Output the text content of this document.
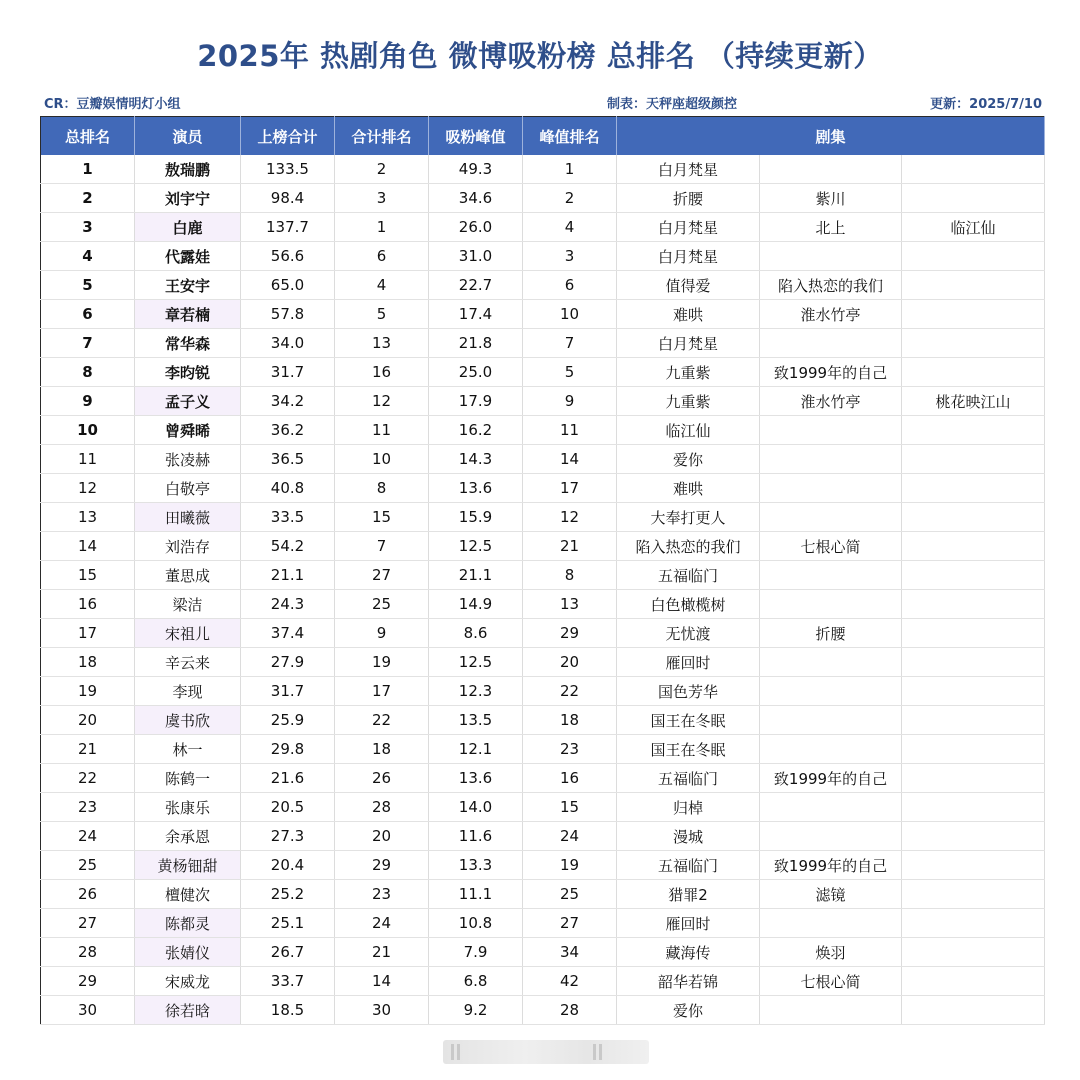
2025年 热剧角色 微博吸粉榜 总排名 （持续更新）
CR：豆瓣娱情明灯小组	制表：天秤座超级颜控	更新：2025/7/10
总排名	演员	上榜合计	合计排名	吸粉峰值	峰值排名	剧集		
1	敖瑞鹏	133.5	2	49.3	1	白月梵星		
2	刘宇宁	98.4	3	34.6	2	折腰	紫川	
3	白鹿	137.7	1	26.0	4	白月梵星	北上	临江仙
4	代露娃	56.6	6	31.0	3	白月梵星		
5	王安宇	65.0	4	22.7	6	值得爱	陷入热恋的我们	
6	章若楠	57.8	5	17.4	10	难哄	淮水竹亭	
7	常华森	34.0	13	21.8	7	白月梵星		
8	李昀锐	31.7	16	25.0	5	九重紫	致1999年的自己	
9	孟子义	34.2	12	17.9	9	九重紫	淮水竹亭	桃花映江山
10	曾舜晞	36.2	11	16.2	11	临江仙		
11	张凌赫	36.5	10	14.3	14	爱你		
12	白敬亭	40.8	8	13.6	17	难哄		
13	田曦薇	33.5	15	15.9	12	大奉打更人		
14	刘浩存	54.2	7	12.5	21	陷入热恋的我们	七根心简	
15	董思成	21.1	27	21.1	8	五福临门		
16	梁洁	24.3	25	14.9	13	白色橄榄树		
17	宋祖儿	37.4	9	8.6	29	无忧渡	折腰	
18	辛云来	27.9	19	12.5	20	雁回时		
19	李现	31.7	17	12.3	22	国色芳华		
20	虞书欣	25.9	22	13.5	18	国王在冬眠		
21	林一	29.8	18	12.1	23	国王在冬眠		
22	陈鹤一	21.6	26	13.6	16	五福临门	致1999年的自己	
23	张康乐	20.5	28	14.0	15	归棹		
24	余承恩	27.3	20	11.6	24	漫城		
25	黄杨钿甜	20.4	29	13.3	19	五福临门	致1999年的自己	
26	檀健次	25.2	23	11.1	25	猎罪2	滤镜	
27	陈都灵	25.1	24	10.8	27	雁回时		
28	张婧仪	26.7	21	7.9	34	藏海传	焕羽	
29	宋威龙	33.7	14	6.8	42	韶华若锦	七根心简	
30	徐若晗	18.5	30	9.2	28	爱你		
